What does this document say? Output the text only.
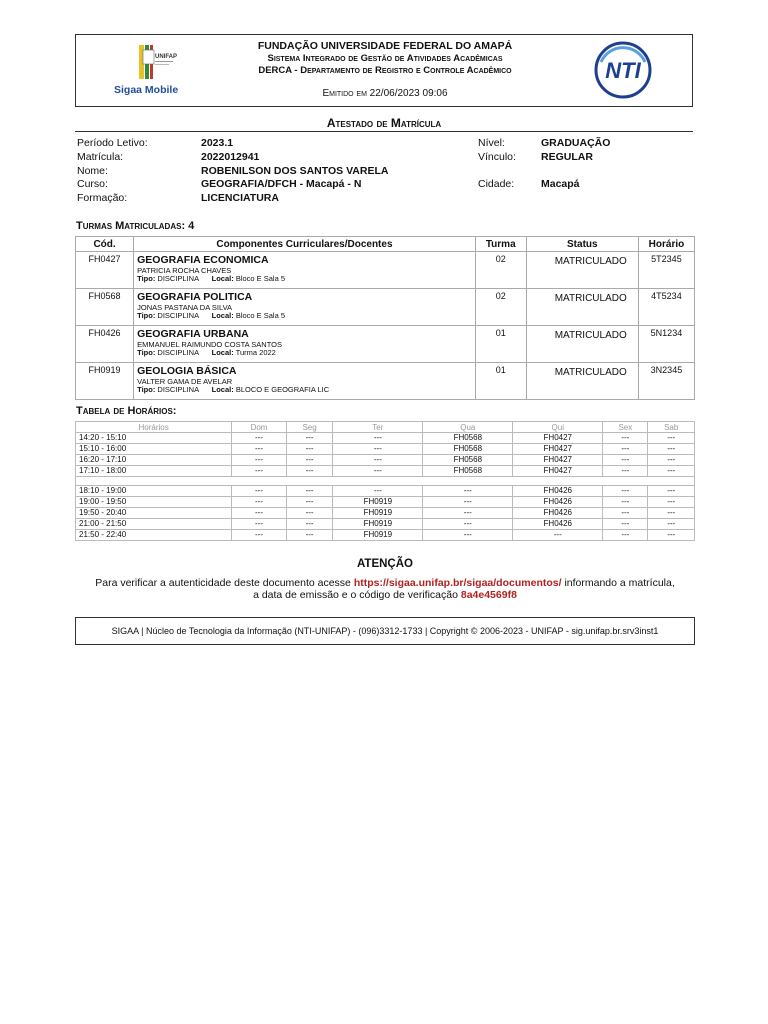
UNIFAP
Sigaa Mobile
FUNDAÇÃO UNIVERSIDADE FEDERAL DO AMAPÁ
Sistema Integrado de Gestão de Atividades Acadêmicas
DERCA - Departamento de Registro e Controle Acadêmico
Emitido em 22/06/2023 09:06
NTI
Atestado de Matrícula
Período Letivo:	2023.1
Matrícula:	2022012941
Nome:	ROBENILSON DOS SANTOS VARELA
Curso:	GEOGRAFIA/DFCH - Macapá - N
Formação:	LICENCIATURA
Nível:	GRADUAÇÃO
Vínculo: REGULAR
Cidade:	Macapá
Turmas Matriculadas: 4
Cód.	Componentes Curriculares/Docentes	Turma	Status	Horário
FH0427	GEOGRAFIA ECONOMICA
PATRICIA ROCHA CHAVES
Tipo: DISCIPLINA Local: Bloco E Sala 5	02	MATRICULADO	5T2345
FH0568	GEOGRAFIA POLITICA
JONAS PASTANA DA SILVA
Tipo: DISCIPLINA Local: Bloco E Sala 5	02	MATRICULADO	4T5234
FH0426	GEOGRAFIA URBANA
EMMANUEL RAIMUNDO COSTA SANTOS
Tipo: DISCIPLINA Local: Turma 2022	01	MATRICULADO	5N1234
FH0919	GEOLOGIA BÁSICA
VALTER GAMA DE AVELAR
Tipo: DISCIPLINA Local: BLOCO E GEOGRAFIA LIC	01	MATRICULADO	3N2345
Tabela de Horários:
Horários	Dom	Seg	Ter	Qua	Qui	Sex	Sab
14:20 - 15:10	---	---	---	FH0568	FH0427	---	---
15:10 - 16:00	---	---	---	FH0568	FH0427	---	---
16:20 - 17:10	---	---	---	FH0568	FH0427	---	---
17:10 - 18:00	---	---	---	FH0568	FH0427	---	---

18:10 - 19:00	---	---	---	---	FH0426	---	---
19:00 - 19:50	---	---	FH0919	---	FH0426	---	---
19:50 - 20:40	---	---	FH0919	---	FH0426	---	---
21:00 - 21:50	---	---	FH0919	---	FH0426	---	---
21:50 - 22:40	---	---	FH0919	---	---	---	---
ATENÇÃO
Para verificar a autenticidade deste documento acesse https://sigaa.unifap.br/sigaa/documentos/ informando a matrícula,
a data de emissão e o código de verificação 8a4e4569f8
SIGAA | Núcleo de Tecnologia da Informação (NTI-UNIFAP) - (096)3312-1733 | Copyright © 2006-2023 - UNIFAP - sig.unifap.br.srv3inst1
